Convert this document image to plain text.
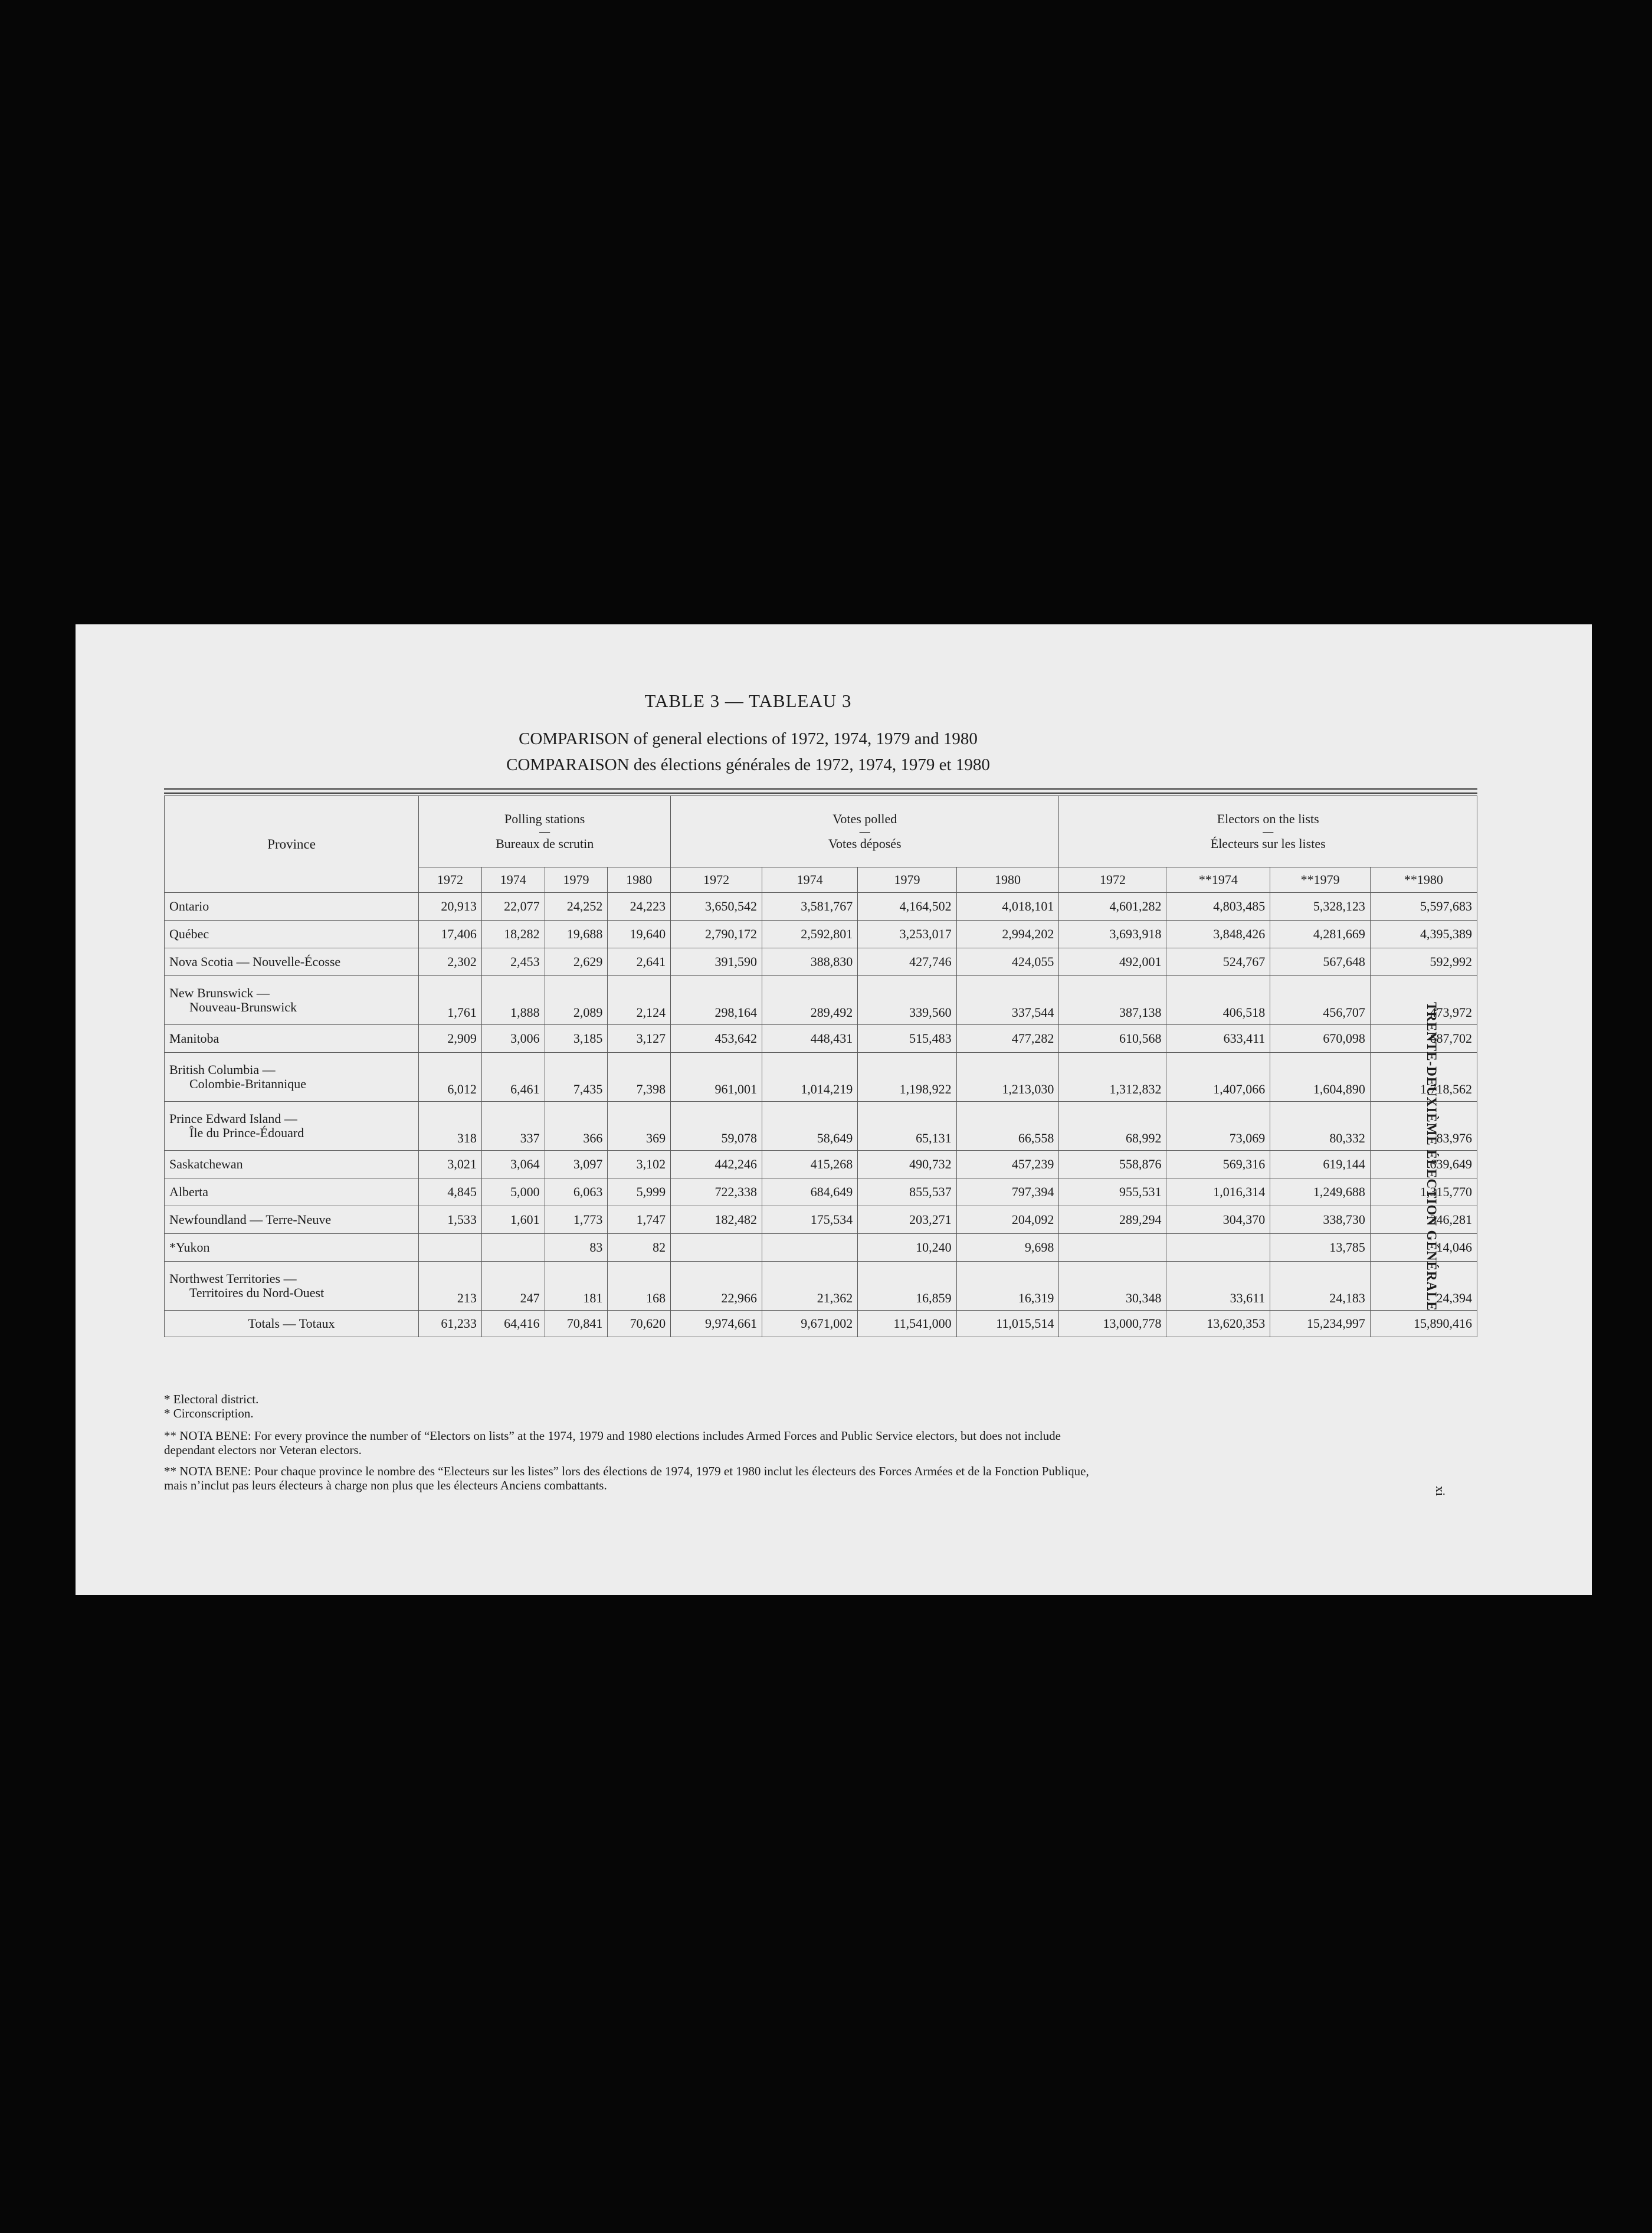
TABLE 3 — TABLEAU 3
COMPARISON of general elections of 1972, 1974, 1979 and 1980
COMPARAISON des élections générales de 1972, 1974, 1979 et 1980
Province	Polling stations
—
Bureaux de scrutin				Votes polled
—
Votes déposés				Electors on the lists
—
Électeurs sur les listes			

	1972	1974	1979	1980	1972	1974	1979	1980	1972	**1974	**1979	**1980

Ontario	20,913	22,077	24,252	24,223	3,650,542	3,581,767	4,164,502	4,018,101	4,601,282	4,803,485	5,328,123	5,597,683

Québec	17,406	18,282	19,688	19,640	2,790,172	2,592,801	3,253,017	2,994,202	3,693,918	3,848,426	4,281,669	4,395,389

Nova Scotia — Nouvelle-Écosse	2,302	2,453	2,629	2,641	391,590	388,830	427,746	424,055	492,001	524,767	567,648	592,992

New Brunswick —
Nouveau-Brunswick	1,761	1,888	2,089	2,124	298,164	289,492	339,560	337,544	387,138	406,518	456,707	473,972

Manitoba	2,909	3,006	3,185	3,127	453,642	448,431	515,483	477,282	610,568	633,411	670,098	687,702

British Columbia —
Colombie-Britannique	6,012	6,461	7,435	7,398	961,001	1,014,219	1,198,922	1,213,030	1,312,832	1,407,066	1,604,890	1,718,562

Prince Edward Island —
Île du Prince-Édouard	318	337	366	369	59,078	58,649	65,131	66,558	68,992	73,069	80,332	83,976

Saskatchewan	3,021	3,064	3,097	3,102	442,246	415,268	490,732	457,239	558,876	569,316	619,144	639,649

Alberta	4,845	5,000	6,063	5,999	722,338	684,649	855,537	797,394	955,531	1,016,314	1,249,688	1,315,770

Newfoundland — Terre-Neuve	1,533	1,601	1,773	1,747	182,482	175,534	203,271	204,092	289,294	304,370	338,730	346,281

*Yukon			83	82			10,240	9,698			13,785	14,046

Northwest Territories —
Territoires du Nord-Ouest	213	247	181	168	22,966	21,362	16,859	16,319	30,348	33,611	24,183	24,394

Totals — Totaux	61,233	64,416	70,841	70,620	9,974,661	9,671,002	11,541,000	11,015,514	13,000,778	13,620,353	15,234,997	15,890,416

* Electoral district.

* Circonscription.

** NOTA BENE: For every province the number of “Electors on lists” at the 1974, 1979 and 1980 elections includes Armed Forces and Public Service electors, but does not include

dependant electors nor Veteran electors.

** NOTA BENE: Pour chaque province le nombre des “Electeurs sur les listes” lors des élections de 1974, 1979 et 1980 inclut les électeurs des Forces Armées et de la Fonction Publique,

mais n’inclut pas leurs électeurs à charge non plus que les électeurs Anciens combattants.

TRENTE-DEUXIÈME ÉLECTION GÉNÉRALE
xi
